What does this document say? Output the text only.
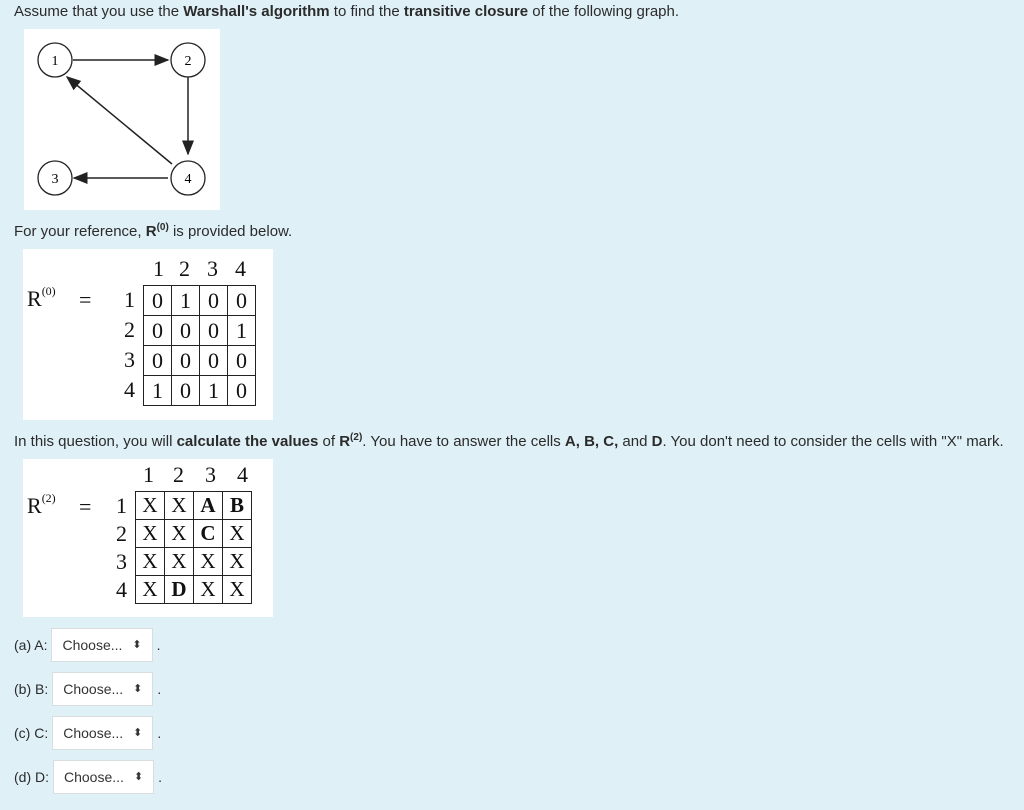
Assume that you use the Warshall's algorithm to find the transitive closure of the following graph.
1	2
3	4
For your reference, $R^{(0)}$ is provided below.
$R^{(0)}$ =
1 2 3 4
1
2
3
4
0	1	0	0
0	0	0	1
0	0	0	0
1	0	1	0
In this question, you will calculate the values of $R^{(2)}$. You have to answer the cells A, B, C, and D. You don't need to consider the cells with "X" mark.
$R^{(2)}$ =
1 2 3 4
1
2
3
4
X	X	A	B
X	X	C	X
X	X	X	X
X	D	X	X
(a) A: Choose... ⬍ .
(b) B: Choose... ⬍ .
(c) C: Choose... ⬍ .
(d) D: Choose... ⬍ .
